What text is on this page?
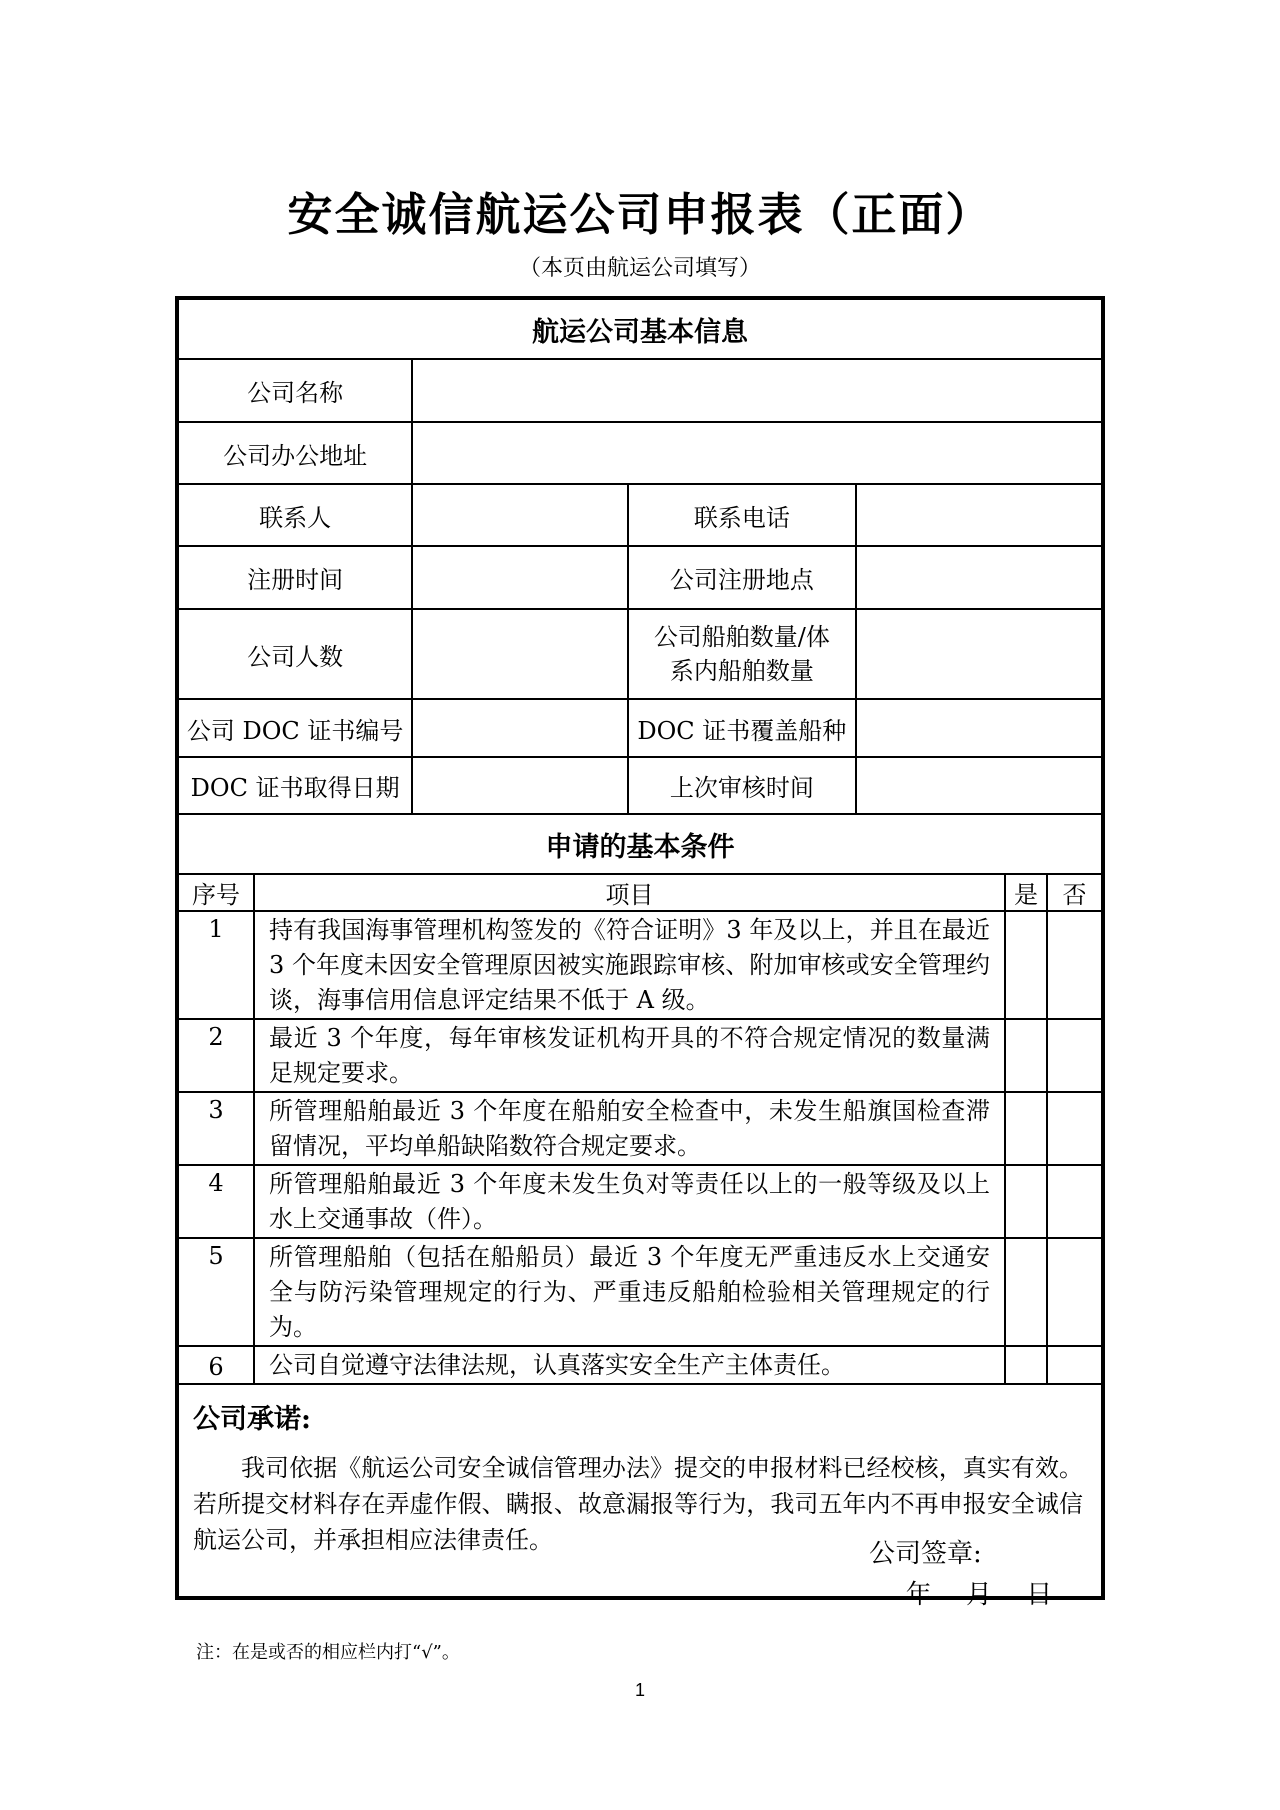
安全诚信航运公司申报表（正面）
（本页由航运公司填写）
航运公司基本信息			
公司名称			
公司办公地址			
联系人		联系电话	
注册时间		公司注册地点	
公司人数		公司船舶数量/体系内船舶数量	
公司 DOC 证书编号		DOC 证书覆盖船种	
DOC 证书取得日期		上次审核时间	
申请的基本条件			
序号	项目	是	否
1	持有我国海事管理机构签发的《符合证明》3 年及以上，并且在最近 3 个年度未因安全管理原因被实施跟踪审核、附加审核或安全管理约谈，海事信用信息评定结果不低于 A 级。		
2	最近 3 个年度，每年审核发证机构开具的不符合规定情况的数量满足规定要求。		
3	所管理船舶最近 3 个年度在船舶安全检查中，未发生船旗国检查滞留情况，平均单船缺陷数符合规定要求。		
4	所管理船舶最近 3 个年度未发生负对等责任以上的一般等级及以上水上交通事故（件）。		
5	所管理船舶（包括在船船员）最近 3 个年度无严重违反水上交通安全与防污染管理规定的行为、严重违反船舶检验相关管理规定的行为。		
6	公司自觉遵守法律法规，认真落实安全生产主体责任。		
公司承诺:
我司依据《航运公司安全诚信管理办法》提交的申报材料已经校核，真实有效。若所提交材料存在弄虚作假、瞒报、故意漏报等行为，我司五年内不再申报安全诚信航运公司，并承担相应法律责任。	公司签章:
年　 月　 日
注：在是或否的相应栏内打“√”。
1
